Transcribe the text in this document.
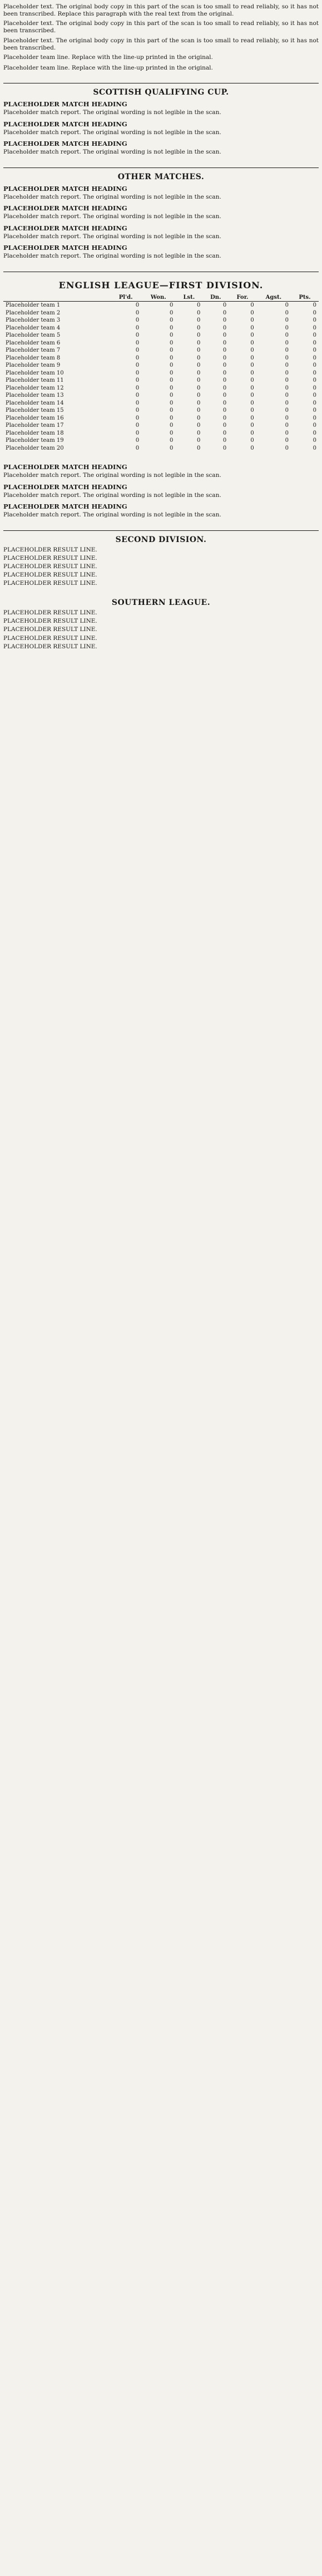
Placeholder text. The original body copy in this part of the scan is too small to read reliably, so it has not been transcribed. Replace this paragraph with the real text from the original.

Placeholder text. The original body copy in this part of the scan is too small to read reliably, so it has not been transcribed.

Placeholder text. The original body copy in this part of the scan is too small to read reliably, so it has not been transcribed.

Placeholder team line. Replace with the line-up printed in the original.

Placeholder team line. Replace with the line-up printed in the original.

SCOTTISH QUALIFYING CUP.
PLACEHOLDER MATCH HEADING

Placeholder match report. The original wording is not legible in the scan.

PLACEHOLDER MATCH HEADING

Placeholder match report. The original wording is not legible in the scan.

PLACEHOLDER MATCH HEADING

Placeholder match report. The original wording is not legible in the scan.

OTHER MATCHES.
PLACEHOLDER MATCH HEADING

Placeholder match report. The original wording is not legible in the scan.

PLACEHOLDER MATCH HEADING

Placeholder match report. The original wording is not legible in the scan.

PLACEHOLDER MATCH HEADING

Placeholder match report. The original wording is not legible in the scan.

PLACEHOLDER MATCH HEADING

Placeholder match report. The original wording is not legible in the scan.

ENGLISH LEAGUE—FIRST DIVISION.
	Pl'd.	Won.	Lst.	Dn.	For.	Agst.	Pts.
Placeholder team 1	0	0	0	0	0	0	0
Placeholder team 2	0	0	0	0	0	0	0
Placeholder team 3	0	0	0	0	0	0	0
Placeholder team 4	0	0	0	0	0	0	0
Placeholder team 5	0	0	0	0	0	0	0
Placeholder team 6	0	0	0	0	0	0	0
Placeholder team 7	0	0	0	0	0	0	0
Placeholder team 8	0	0	0	0	0	0	0
Placeholder team 9	0	0	0	0	0	0	0
Placeholder team 10	0	0	0	0	0	0	0
Placeholder team 11	0	0	0	0	0	0	0
Placeholder team 12	0	0	0	0	0	0	0
Placeholder team 13	0	0	0	0	0	0	0
Placeholder team 14	0	0	0	0	0	0	0
Placeholder team 15	0	0	0	0	0	0	0
Placeholder team 16	0	0	0	0	0	0	0
Placeholder team 17	0	0	0	0	0	0	0
Placeholder team 18	0	0	0	0	0	0	0
Placeholder team 19	0	0	0	0	0	0	0
Placeholder team 20	0	0	0	0	0	0	0
PLACEHOLDER MATCH HEADING

Placeholder match report. The original wording is not legible in the scan.

PLACEHOLDER MATCH HEADING

Placeholder match report. The original wording is not legible in the scan.

PLACEHOLDER MATCH HEADING

Placeholder match report. The original wording is not legible in the scan.

SECOND DIVISION.
PLACEHOLDER RESULT LINE.
PLACEHOLDER RESULT LINE.
PLACEHOLDER RESULT LINE.
PLACEHOLDER RESULT LINE.
PLACEHOLDER RESULT LINE.
SOUTHERN LEAGUE.
PLACEHOLDER RESULT LINE.
PLACEHOLDER RESULT LINE.
PLACEHOLDER RESULT LINE.
PLACEHOLDER RESULT LINE.
PLACEHOLDER RESULT LINE.
